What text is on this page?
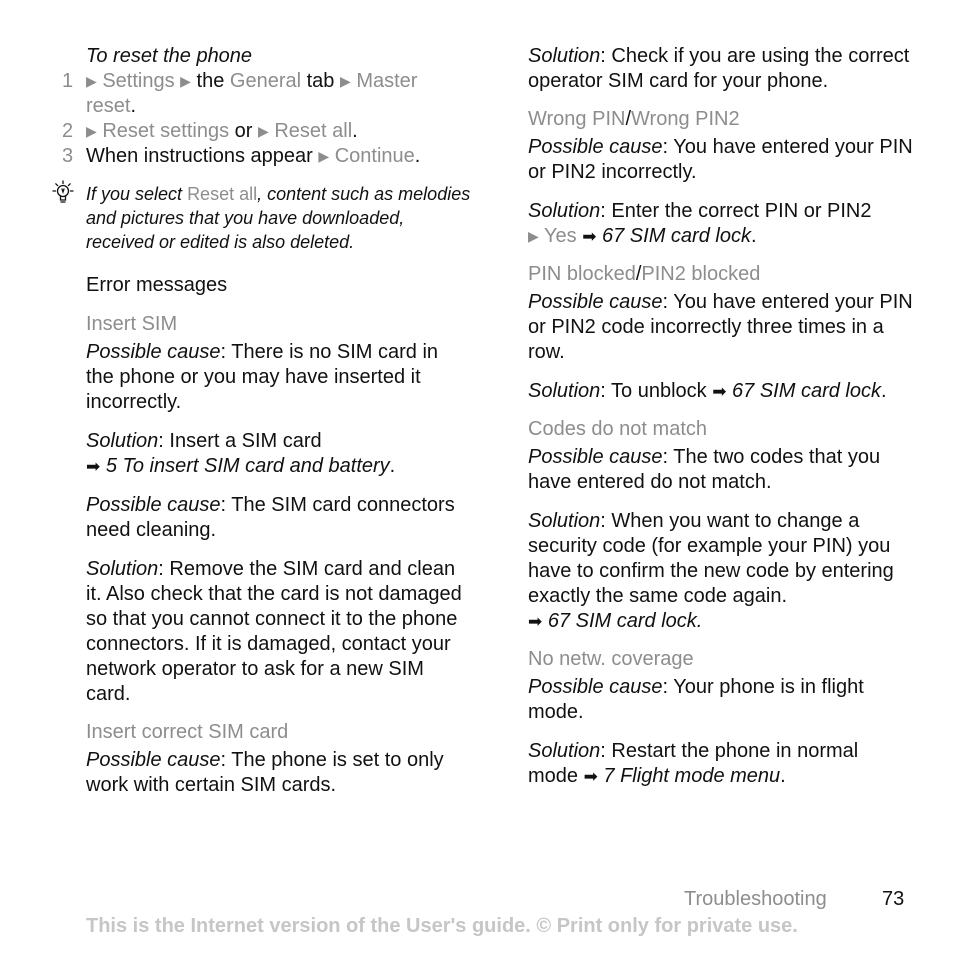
To reset the phone

1 ▶ Settings ▶ the General tab ▶ Master reset.

2 ▶ Reset settings or ▶ Reset all.

3 When instructions appear ▶ Continue.

If you select Reset all, content such as melodies and pictures that you have downloaded, received or edited is also deleted.

Error messages

Insert SIM

Possible cause: There is no SIM card in the phone or you may have inserted it incorrectly.

Solution: Insert a SIM card
➡ 5 To insert SIM card and battery.

Possible cause: The SIM card connectors need cleaning.

Solution: Remove the SIM card and clean it. Also check that the card is not damaged so that you cannot connect it to the phone connectors. If it is damaged, contact your network operator to ask for a new SIM card.

Insert correct SIM card

Possible cause: The phone is set to only work with certain SIM cards.

Solution: Check if you are using the correct operator SIM card for your phone.

Wrong PIN/Wrong PIN2

Possible cause: You have entered your PIN or PIN2 incorrectly.

Solution: Enter the correct PIN or PIN2
▶ Yes ➡ 67 SIM card lock.

PIN blocked/PIN2 blocked

Possible cause: You have entered your PIN or PIN2 code incorrectly three times in a row.

Solution: To unblock ➡ 67 SIM card lock.

Codes do not match

Possible cause: The two codes that you have entered do not match.

Solution: When you want to change a security code (for example your PIN) you have to confirm the new code by entering exactly the same code again.
➡ 67 SIM card lock.

No netw. coverage

Possible cause: Your phone is in flight mode.

Solution: Restart the phone in normal mode ➡ 7 Flight mode menu.

Troubleshooting	73
This is the Internet version of the User's guide. © Print only for private use.
